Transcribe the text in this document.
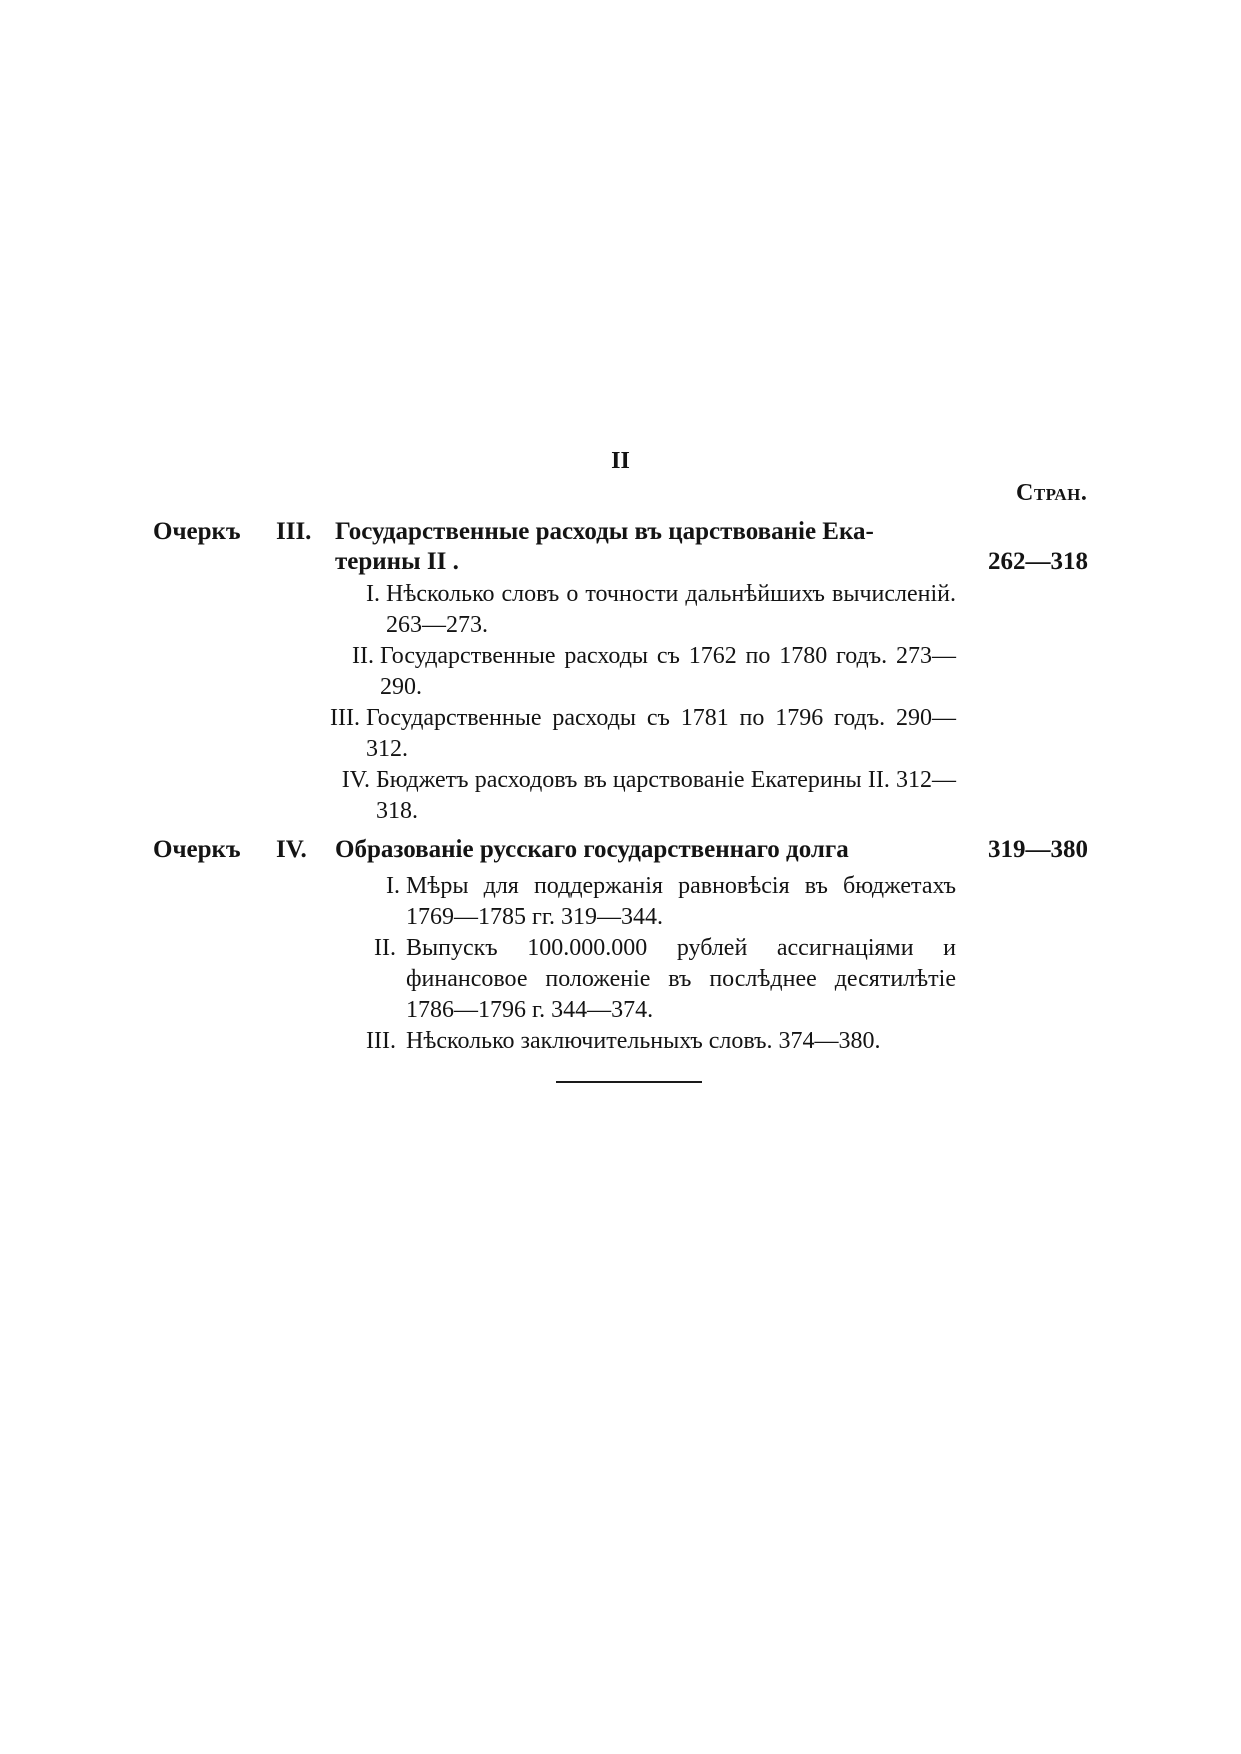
II
Стран.
Очеркъ III. Государственные расходы въ царствованіе Ека-
терины II .	262—318
I. Нѣсколько словъ о точности дальнѣйшихъ вычисленій. 263—273.
II. Государственные расходы съ 1762 по 1780 годъ. 273—290.
III. Государственные расходы съ 1781 по 1796 годъ. 290—312.
IV. Бюджетъ расходовъ въ царствованіе Екатерины II. 312—318.
Очеркъ IV. Образованіе русскаго государственнаго долга	319—380
I. Мѣры для поддержанія равновѣсія въ бюджетахъ 1769—1785 гг. 319—344.
II. Выпускъ 100.000.000 рублей ассигнаціями и финансовое положеніе въ послѣднее десятилѣтіе 1786—1796 г. 344—374.
III. Нѣсколько заключительныхъ словъ. 374—380.
